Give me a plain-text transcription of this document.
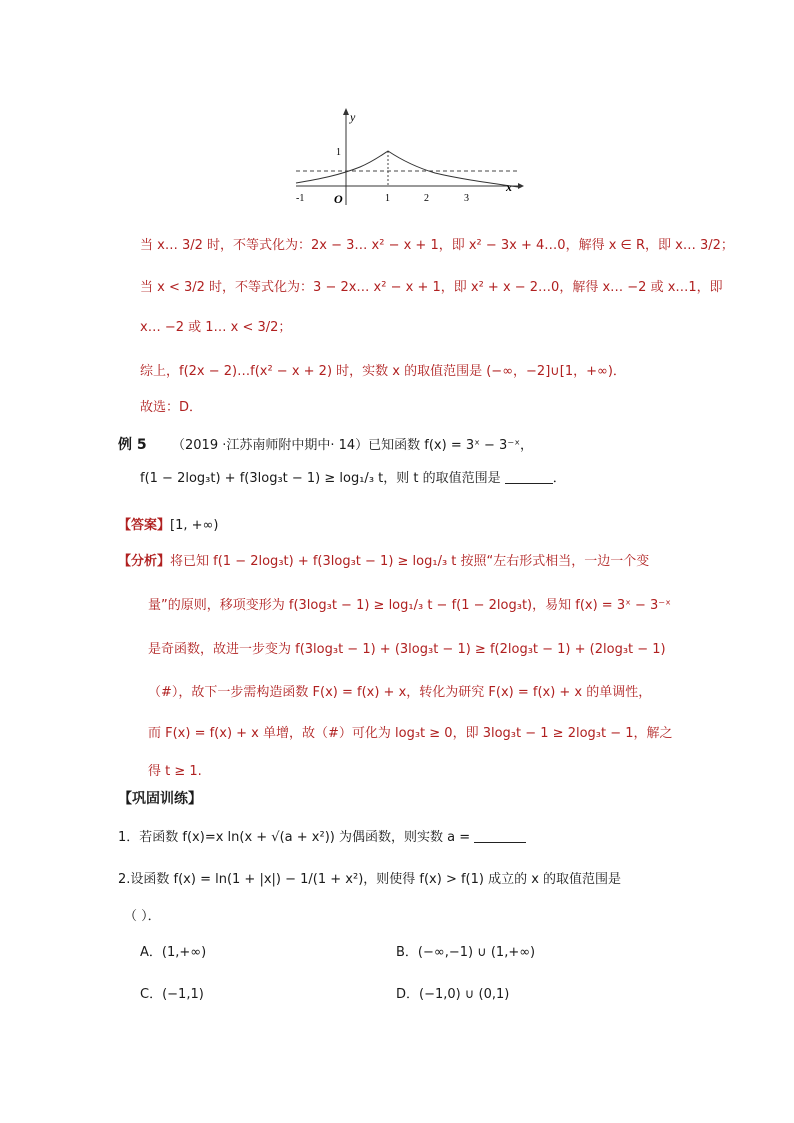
y
1
O
x
-1	1	2	3
当 x… 3/2 时，不等式化为：2x − 3… x² − x + 1，即 x² − 3x + 4…0，解得 x ∈ R，即 x… 3/2；
当 x < 3/2 时，不等式化为：3 − 2x… x² − x + 1，即 x² + x − 2…0，解得 x… −2 或 x…1，即
x… −2 或 1… x < 3/2；
综上，f(2x − 2)…f(x² − x + 2) 时，实数 x 的取值范围是 (−∞，−2]∪[1，+∞)．
故选：D．
例 5 （2019 ·江苏南师附中期中· 14）已知函数 f(x) = 3ˣ − 3⁻ˣ，
f(1 − 2log₃t) + f(3log₃t − 1) ≥ log₁/₃ t，则 t 的取值范围是	．
【答案】[1, +∞)
【分析】将已知 f(1 − 2log₃t) + f(3log₃t − 1) ≥ log₁/₃ t 按照“左右形式相当，一边一个变
量”的原则，移项变形为 f(3log₃t − 1) ≥ log₁/₃ t − f(1 − 2log₃t)，易知 f(x) = 3ˣ − 3⁻ˣ
是奇函数，故进一步变为 f(3log₃t − 1) + (3log₃t − 1) ≥ f(2log₃t − 1) + (2log₃t − 1)
（#），故下一步需构造函数 F(x) = f(x) + x，转化为研究 F(x) = f(x) + x 的单调性，
而 F(x) = f(x) + x 单增，故（#）可化为 log₃t ≥ 0，即 3log₃t − 1 ≥ 2log₃t − 1，解之
得 t ≥ 1.
【巩固训练】
1．若函数 f(x)=x ln(x + √(a + x²)) 为偶函数，则实数 a =
2.设函数 f(x) = ln(1 + |x|) − 1/(1 + x²)，则使得 f(x) > f(1) 成立的 x 的取值范围是
（ ）．
A．(1,+∞)	B．(−∞,−1) ∪ (1,+∞)
C．(−1,1)	D．(−1,0) ∪ (0,1)
